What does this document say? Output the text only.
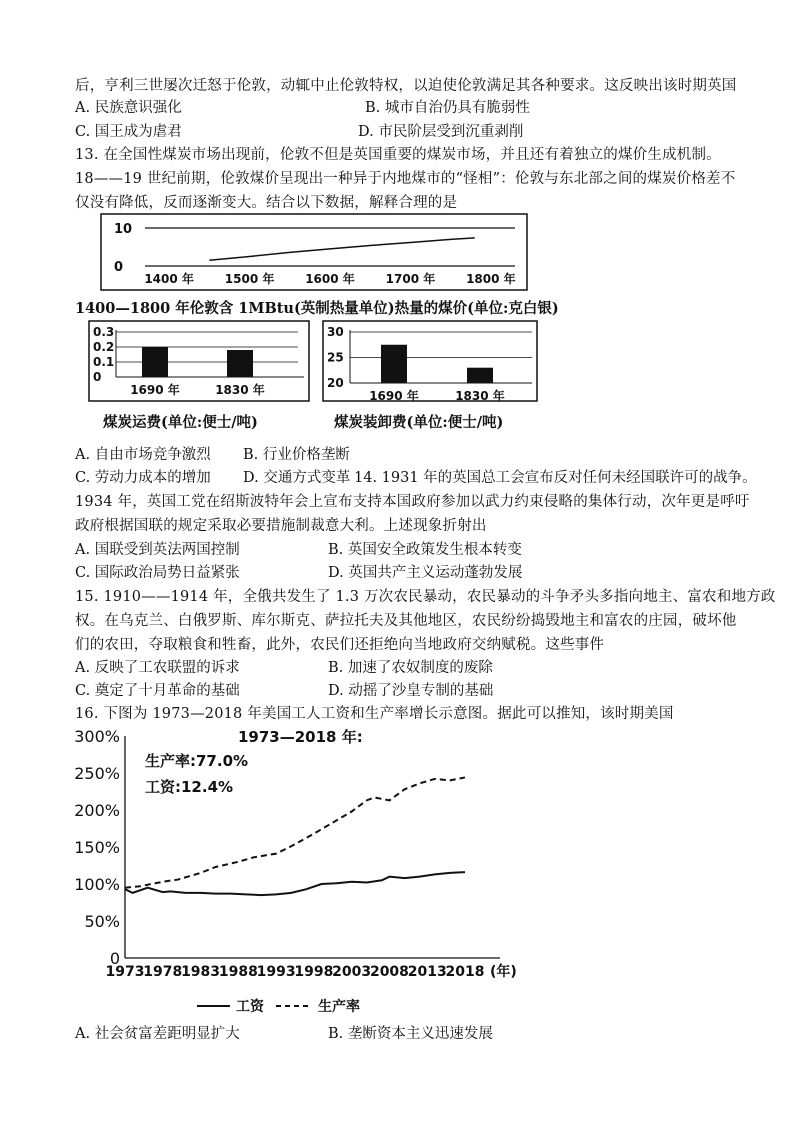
后，亨利三世屡次迁怒于伦敦，动辄中止伦敦特权，以迫使伦敦满足其各种要求。这反映出该时期英国
A. 民族意识强化	B. 城市自治仍具有脆弱性
C. 国王成为虐君	D. 市民阶层受到沉重剥削
13. 在全国性煤炭市场出现前，伦敦不但是英国重要的煤炭市场，并且还有着独立的煤价生成机制。
18——19 世纪前期，伦敦煤价呈现出一种异于内地煤市的“怪相”：伦敦与东北部之间的煤炭价格差不
仅没有降低，反而逐渐变大。结合以下数据，解释合理的是
10
0
1400 年	1500 年	1600 年	1700 年	1800 年
1400—1800 年伦敦含 1MBtu(英制热量单位)热量的煤价(单位:克白银)
0
0.1
0.2
0.3
1690 年	1830 年
煤炭运费(单位:便士/吨)
20
25
30
1690 年	1830 年
煤炭装卸费(单位:便士/吨)
A. 自由市场竞争激烈 B. 行业价格垄断
C. 劳动力成本的增加 D. 交通方式变革 14. 1931 年的英国总工会宣布反对任何未经国联许可的战争。
1934 年，英国工党在绍斯波特年会上宣布支持本国政府参加以武力约束侵略的集体行动，次年更是呼吁
政府根据国联的规定采取必要措施制裁意大利。上述现象折射出
A. 国联受到英法两国控制	B. 英国安全政策发生根本转变
C. 国际政治局势日益紧张	D. 英国共产主义运动蓬勃发展
15. 1910——1914 年，全俄共发生了 1.3 万次农民暴动，农民暴动的斗争矛头多指向地主、富农和地方政
权。在乌克兰、白俄罗斯、库尔斯克、萨拉托夫及其他地区，农民纷纷捣毁地主和富农的庄园，破坏他
们的农田，夺取粮食和牲畜，此外，农民们还拒绝向当地政府交纳赋税。这些事件
A. 反映了工农联盟的诉求	B. 加速了农奴制度的废除
C. 奠定了十月革命的基础	D. 动摇了沙皇专制的基础
16. 下图为 1973—2018 年美国工人工资和生产率增长示意图。据此可以推知，该时期美国
0
50%
100%
150%
200%
250%
300%	1973—2018 年:
生产率:77.0%
工资:12.4%
1973
1978
1983
1988
1993
1998
2003
2008
2013
2018 (年)
工资	生产率
A. 社会贫富差距明显扩大	B. 垄断资本主义迅速发展
